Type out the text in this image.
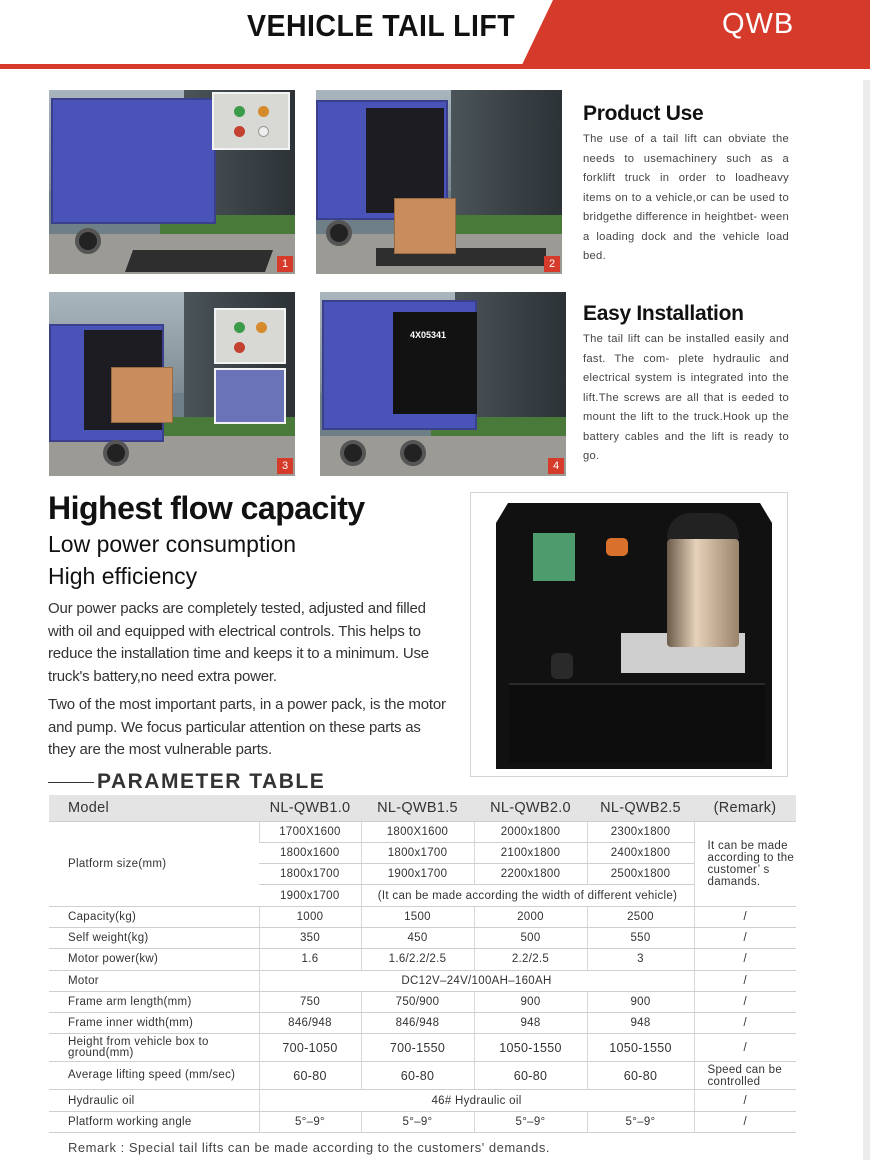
VEHICLE TAIL LIFT	QWB
1	2
3
4X05341
4
Product Use

The use of a tail lift can obviate the needs to usemachinery such as a forklift truck in order to loadheavy items on to a vehicle,or can be used to bridgethe difference in heightbet- ween a loading dock and the vehicle load bed.

Easy Installation

The tail lift can be installed easily and fast. The com- plete hydraulic and electrical system is integrated into the lift.The screws are all that is eeded to mount the lift to the truck.Hook up the battery cables and the lift is ready to go.

Highest flow capacity
Low power consumption
High efficiency

Our power packs are completely tested, adjusted and filled with oil and equipped with electrical controls. This helps to reduce the installation time and keeps it to a minimum. Use truck's battery,no need extra power.

Two of the most important parts, in a power pack, is the motor and pump. We focus particular attention on these parts as they are the most vulnerable parts.

PARAMETER TABLE
Model	NL-QWB1.0	NL-QWB1.5	NL-QWB2.0	NL-QWB2.5	(Remark)
Platform size(mm)	1700X1600	1800X1600	2000x1800	2300x1800	It can be made according to the customer’ s damands.
	1800x1600	1800x1700	2100x1800	2400x1800	
	1800x1700	1900x1700	2200x1800	2500x1800	
	1900x1700	(It can be made according the width of different vehicle)			
Capacity(kg)	1000	1500	2000	2500	/
Self weight(kg)	350	450	500	550	/
Motor power(kw)	1.6	1.6/2.2/2.5	2.2/2.5	3	/
Motor	DC12V–24V/100AH–160AH				/
Frame arm length(mm)	750	750/900	900	900	/
Frame inner width(mm)	846/948	846/948	948	948	/
Height from vehicle box to ground(mm)	700-1050	700-1550	1050-1550	1050-1550	/
Average lifting speed (mm/sec)	60-80	60-80	60-80	60-80	Speed can be controlled
Hydraulic oil	46# Hydraulic oil				/
Platform working angle	5°–9°	5°–9°	5°–9°	5°–9°	/
Remark : Special tail lifts can be made according to the customers' demands.
